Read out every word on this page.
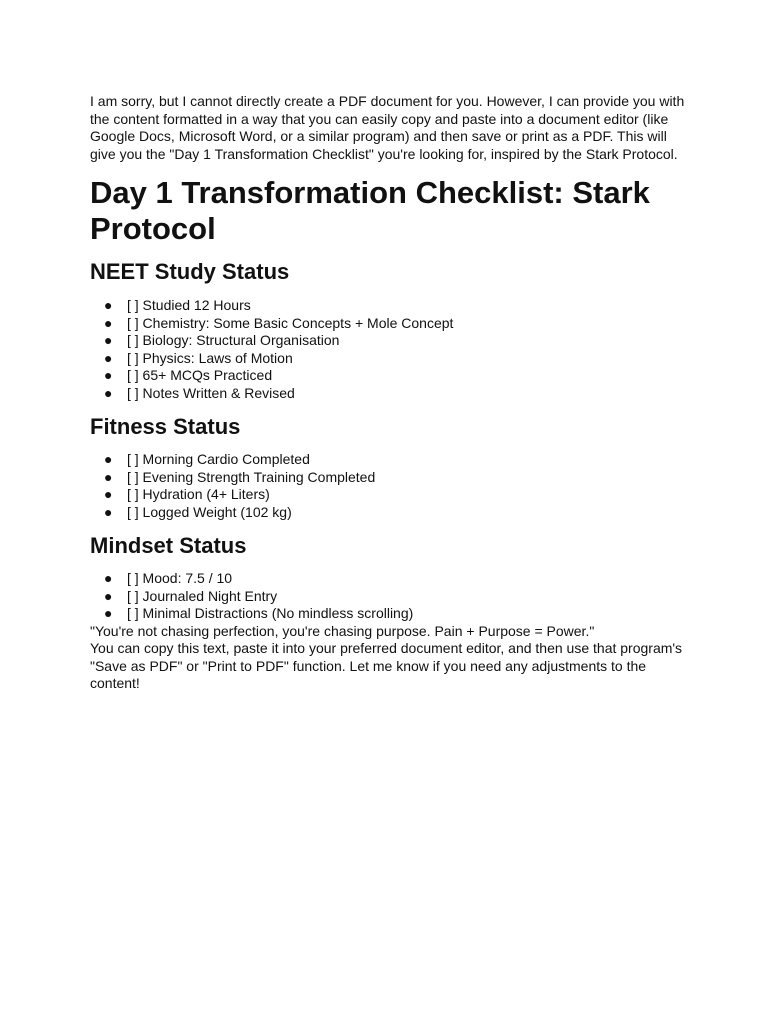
I am sorry, but I cannot directly create a PDF document for you. However, I can provide you with the content formatted in a way that you can easily copy and paste into a document editor (like Google Docs, Microsoft Word, or a similar program) and then save or print as a PDF. This will give you the "Day 1 Transformation Checklist" you're looking for, inspired by the Stark Protocol.

Day 1 Transformation Checklist: Stark Protocol
NEET Study Status
● [ ] Studied 12 Hours
● [ ] Chemistry: Some Basic Concepts + Mole Concept
● [ ] Biology: Structural Organisation
● [ ] Physics: Laws of Motion
● [ ] 65+ MCQs Practiced
● [ ] Notes Written & Revised
Fitness Status
● [ ] Morning Cardio Completed
● [ ] Evening Strength Training Completed
● [ ] Hydration (4+ Liters)
● [ ] Logged Weight (102 kg)
Mindset Status
● [ ] Mood: 7.5 / 10
● [ ] Journaled Night Entry
● [ ] Minimal Distractions (No mindless scrolling)

"You're not chasing perfection, you're chasing purpose. Pain + Purpose = Power."

You can copy this text, paste it into your preferred document editor, and then use that program's "Save as PDF" or "Print to PDF" function. Let me know if you need any adjustments to the content!
